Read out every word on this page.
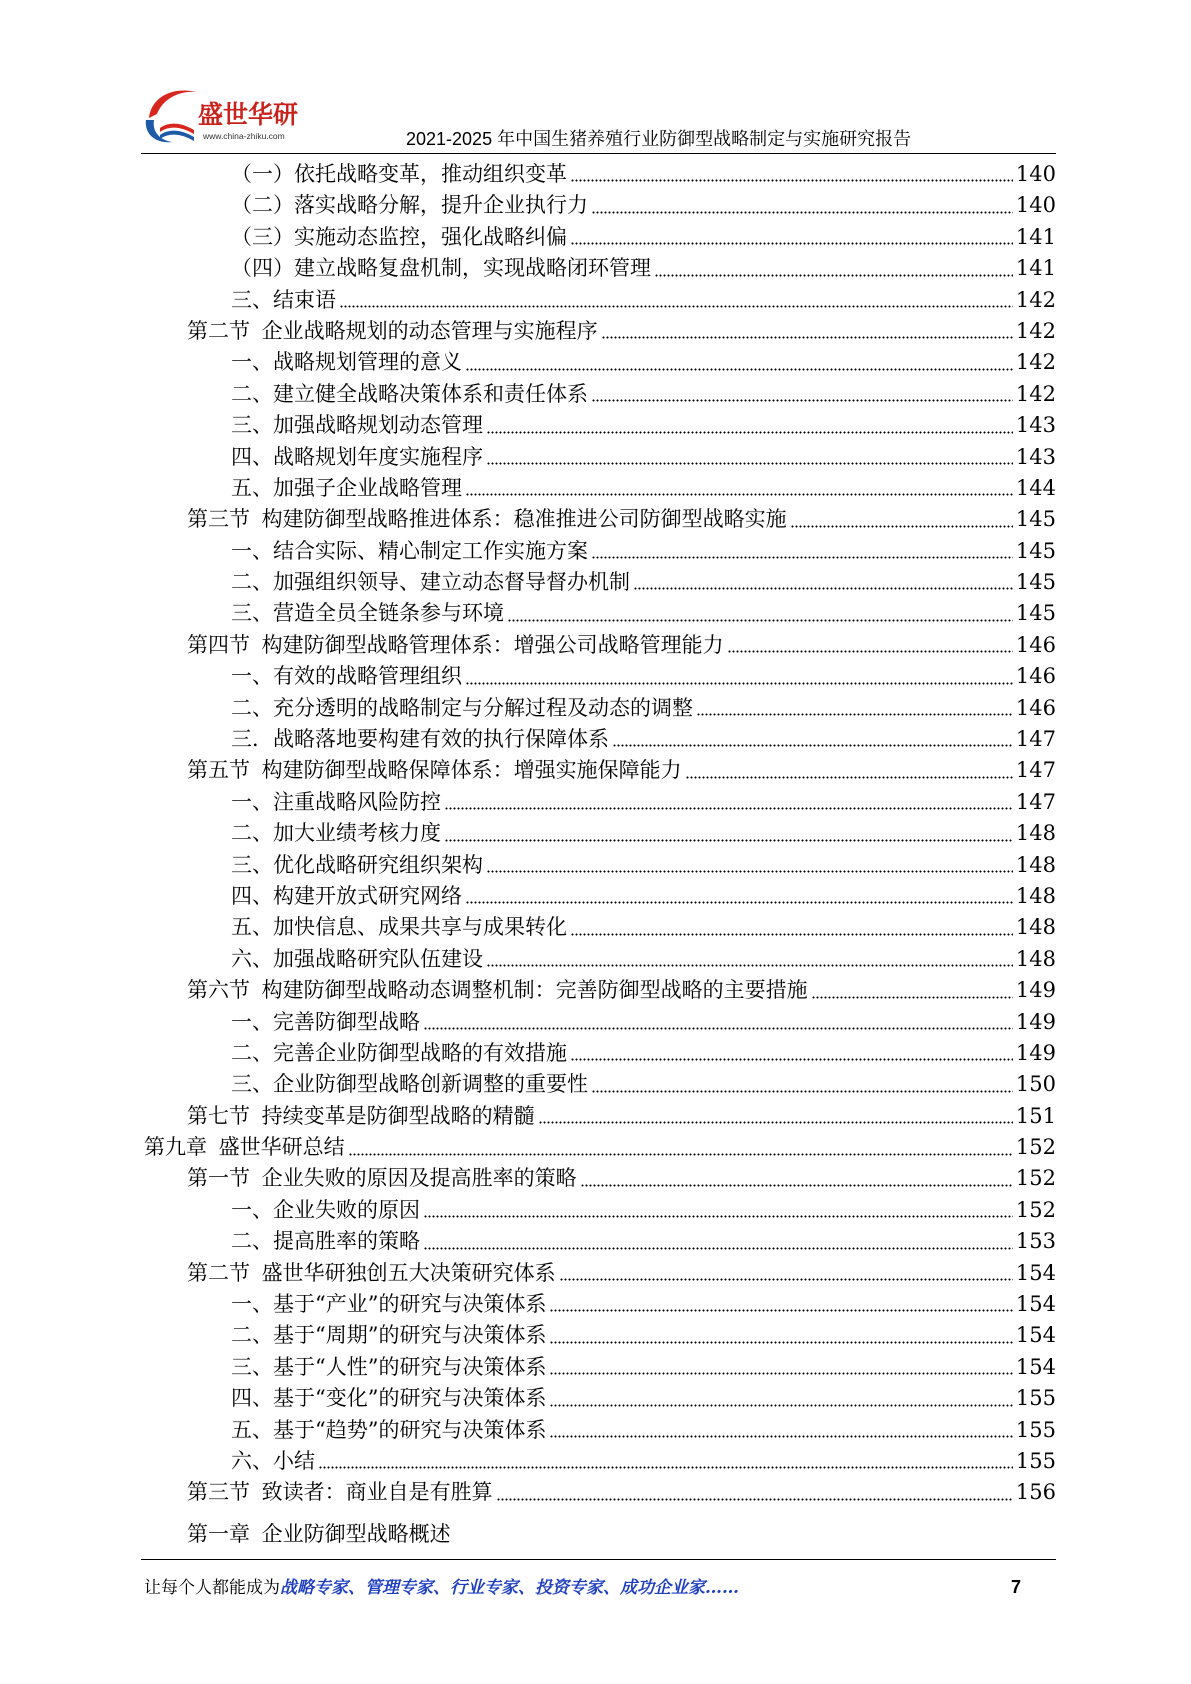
盛世华研
www.china-zhiku.com	2021-2025 年中国生猪养殖行业防御型战略制定与实施研究报告
（一）依托战略变革，推动组织变革	140
（二）落实战略分解，提升企业执行力	140
（三）实施动态监控，强化战略纠偏	141
（四）建立战略复盘机制，实现战略闭环管理	141
三、结束语	142
第二节 企业战略规划的动态管理与实施程序	142
一、战略规划管理的意义	142
二、建立健全战略决策体系和责任体系	142
三、加强战略规划动态管理	143
四、战略规划年度实施程序	143
五、加强子企业战略管理	144
第三节 构建防御型战略推进体系：稳准推进公司防御型战略实施	145
一、结合实际、精心制定工作实施方案	145
二、加强组织领导、建立动态督导督办机制	145
三、营造全员全链条参与环境	145
第四节 构建防御型战略管理体系：增强公司战略管理能力	146
一、有效的战略管理组织	146
二、充分透明的战略制定与分解过程及动态的调整	146
三．战略落地要构建有效的执行保障体系	147
第五节 构建防御型战略保障体系：增强实施保障能力	147
一、注重战略风险防控	147
二、加大业绩考核力度	148
三、优化战略研究组织架构	148
四、构建开放式研究网络	148
五、加快信息、成果共享与成果转化	148
六、加强战略研究队伍建设	148
第六节 构建防御型战略动态调整机制：完善防御型战略的主要措施	149
一、完善防御型战略	149
二、完善企业防御型战略的有效措施	149
三、企业防御型战略创新调整的重要性	150
第七节 持续变革是防御型战略的精髓	151
第九章 盛世华研总结	152
第一节 企业失败的原因及提高胜率的策略	152
一、企业失败的原因	152
二、提高胜率的策略	153
第二节 盛世华研独创五大决策研究体系	154
一、基于“产业”的研究与决策体系	154
二、基于“周期”的研究与决策体系	154
三、基于“人性”的研究与决策体系	154
四、基于“变化”的研究与决策体系	155
五、基于“趋势”的研究与决策体系	155
六、小结	155
第三节 致读者：商业自是有胜算	156
第一章 企业防御型战略概述
让每个人都能成为战略专家、管理专家、行业专家、投资专家、成功企业家……	7
